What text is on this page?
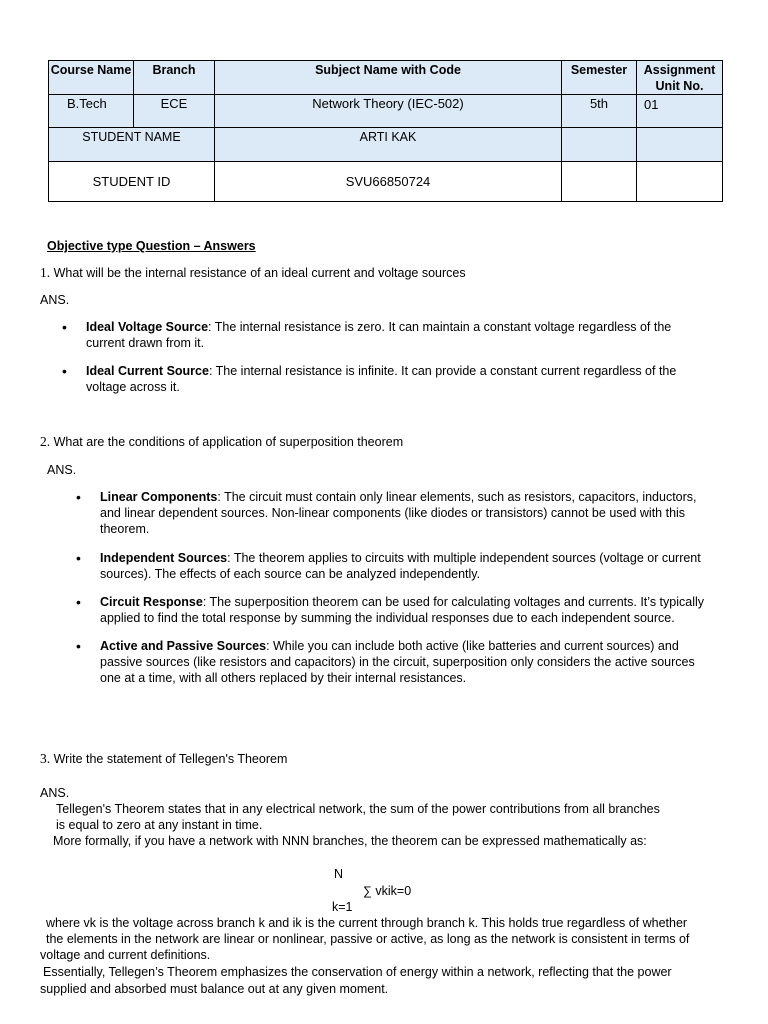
Course Name	Branch	Subject Name with Code	Semester	Assignment Unit No.

B.Tech	ECE	Network Theory (IEC-502)	5th	01

STUDENT NAME		ARTI KAK		

STUDENT ID		SVU66850724		

Objective type Question – Answers
1. What will be the internal resistance of an ideal current and voltage sources
ANS.
• Ideal Voltage Source: The internal resistance is zero. It can maintain a constant voltage regardless of the
current drawn from it.
• Ideal Current Source: The internal resistance is infinite. It can provide a constant current regardless of the
voltage across it.
2. What are the conditions of application of superposition theorem
ANS.
• Linear Components: The circuit must contain only linear elements, such as resistors, capacitors, inductors,
and linear dependent sources. Non-linear components (like diodes or transistors) cannot be used with this
theorem.
• Independent Sources: The theorem applies to circuits with multiple independent sources (voltage or current
sources). The effects of each source can be analyzed independently.
• Circuit Response: The superposition theorem can be used for calculating voltages and currents. It’s typically
applied to find the total response by summing the individual responses due to each independent source.
• Active and Passive Sources: While you can include both active (like batteries and current sources) and
passive sources (like resistors and capacitors) in the circuit, superposition only considers the active sources
one at a time, with all others replaced by their internal resistances.
3. Write the statement of Tellegen's Theorem
ANS.
Tellegen's Theorem states that in any electrical network, the sum of the power contributions from all branches
is equal to zero at any instant in time.
More formally, if you have a network with NNN branches, the theorem can be expressed mathematically as:
N
∑ vkik=0
k=1
where vk is the voltage across branch k and ik is the current through branch k. This holds true regardless of whether
the elements in the network are linear or nonlinear, passive or active, as long as the network is consistent in terms of
voltage and current definitions.
Essentially, Tellegen’s Theorem emphasizes the conservation of energy within a network, reflecting that the power
supplied and absorbed must balance out at any given moment.
